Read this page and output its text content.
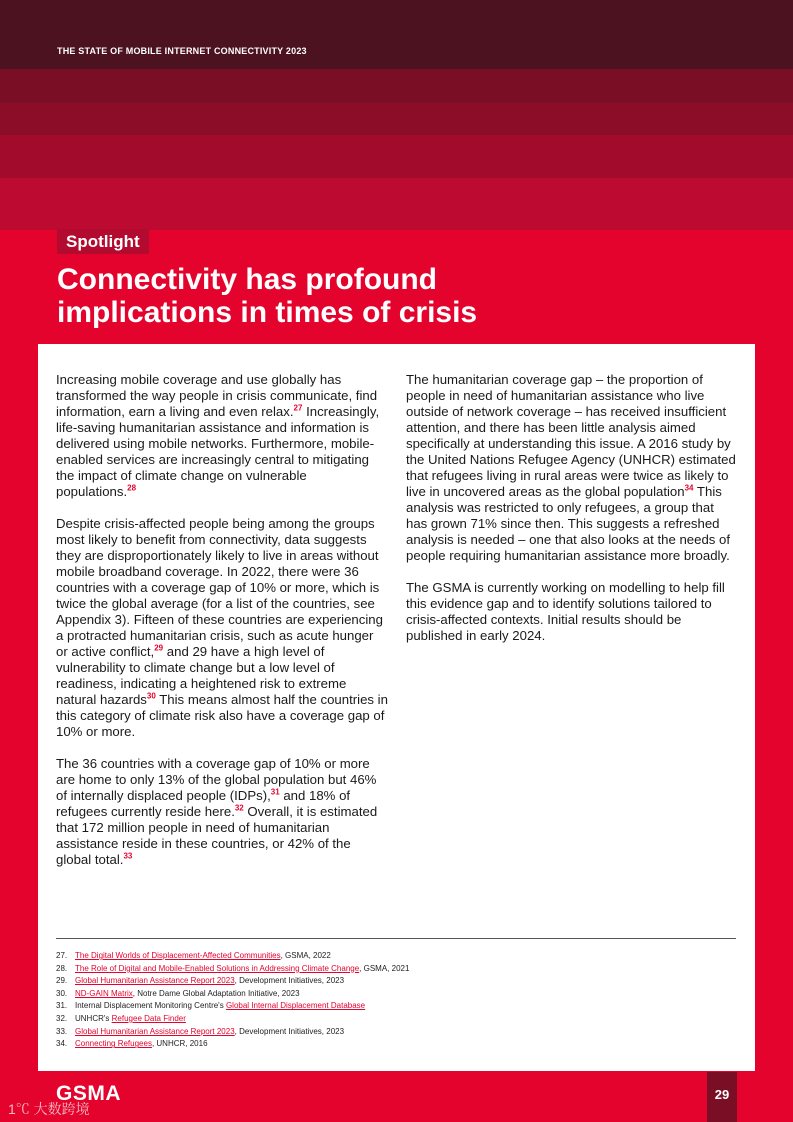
THE STATE OF MOBILE INTERNET CONNECTIVITY 2023
Spotlight
Connectivity has profound
implications in times of crisis

Increasing mobile coverage and use globally has transformed the way people in crisis communicate, find information, earn a living and even relax.$^{27}$ Increasingly, life-saving humanitarian assistance and information is delivered using mobile networks. Furthermore, mobile-enabled services are increasingly central to mitigating the impact of climate change on vulnerable populations.$^{28}$

Despite crisis-affected people being among the groups most likely to benefit from connectivity, data suggests they are disproportionately likely to live in areas without mobile broadband coverage. In 2022, there were 36 countries with a coverage gap of 10% or more, which is twice the global average (for a list of the countries, see Appendix 3). Fifteen of these countries are experiencing a protracted humanitarian crisis, such as acute hunger or active conflict,$^{29}$ and 29 have a high level of vulnerability to climate change but a low level of readiness, indicating a heightened risk to extreme natural hazards$^{30}$ This means almost half the countries in this category of climate risk also have a coverage gap of 10% or more.

The 36 countries with a coverage gap of 10% or more are home to only 13% of the global population but 46% of internally displaced people (IDPs),$^{31}$ and 18% of refugees currently reside here.$^{32}$ Overall, it is estimated that 172 million people in need of humanitarian assistance reside in these countries, or 42% of the global total.$^{33}$

The humanitarian coverage gap – the proportion of people in need of humanitarian assistance who live outside of network coverage – has received insufficient attention, and there has been little analysis aimed specifically at understanding this issue. A 2016 study by the United Nations Refugee Agency (UNHCR) estimated that refugees living in rural areas were twice as likely to live in uncovered areas as the global population$^{34}$ This analysis was restricted to only refugees, a group that has grown 71% since then. This suggests a refreshed analysis is needed – one that also looks at the needs of people requiring humanitarian assistance more broadly.

The GSMA is currently working on modelling to help fill this evidence gap and to identify solutions tailored to crisis-affected contexts. Initial results should be published in early 2024.

27. The Digital Worlds of Displacement-Affected Communities, GSMA, 2022
28. The Role of Digital and Mobile-Enabled Solutions in Addressing Climate Change, GSMA, 2021
29. Global Humanitarian Assistance Report 2023, Development Initiatives, 2023
30. ND-GAIN Matrix, Notre Dame Global Adaptation Initiative, 2023
31. Internal Displacement Monitoring Centre's Global Internal Displacement Database
32. UNHCR's Refugee Data Finder
33. Global Humanitarian Assistance Report 2023, Development Initiatives, 2023
34. Connecting Refugees, UNHCR, 2016
GSMA
1℃ 大数跨境
29
